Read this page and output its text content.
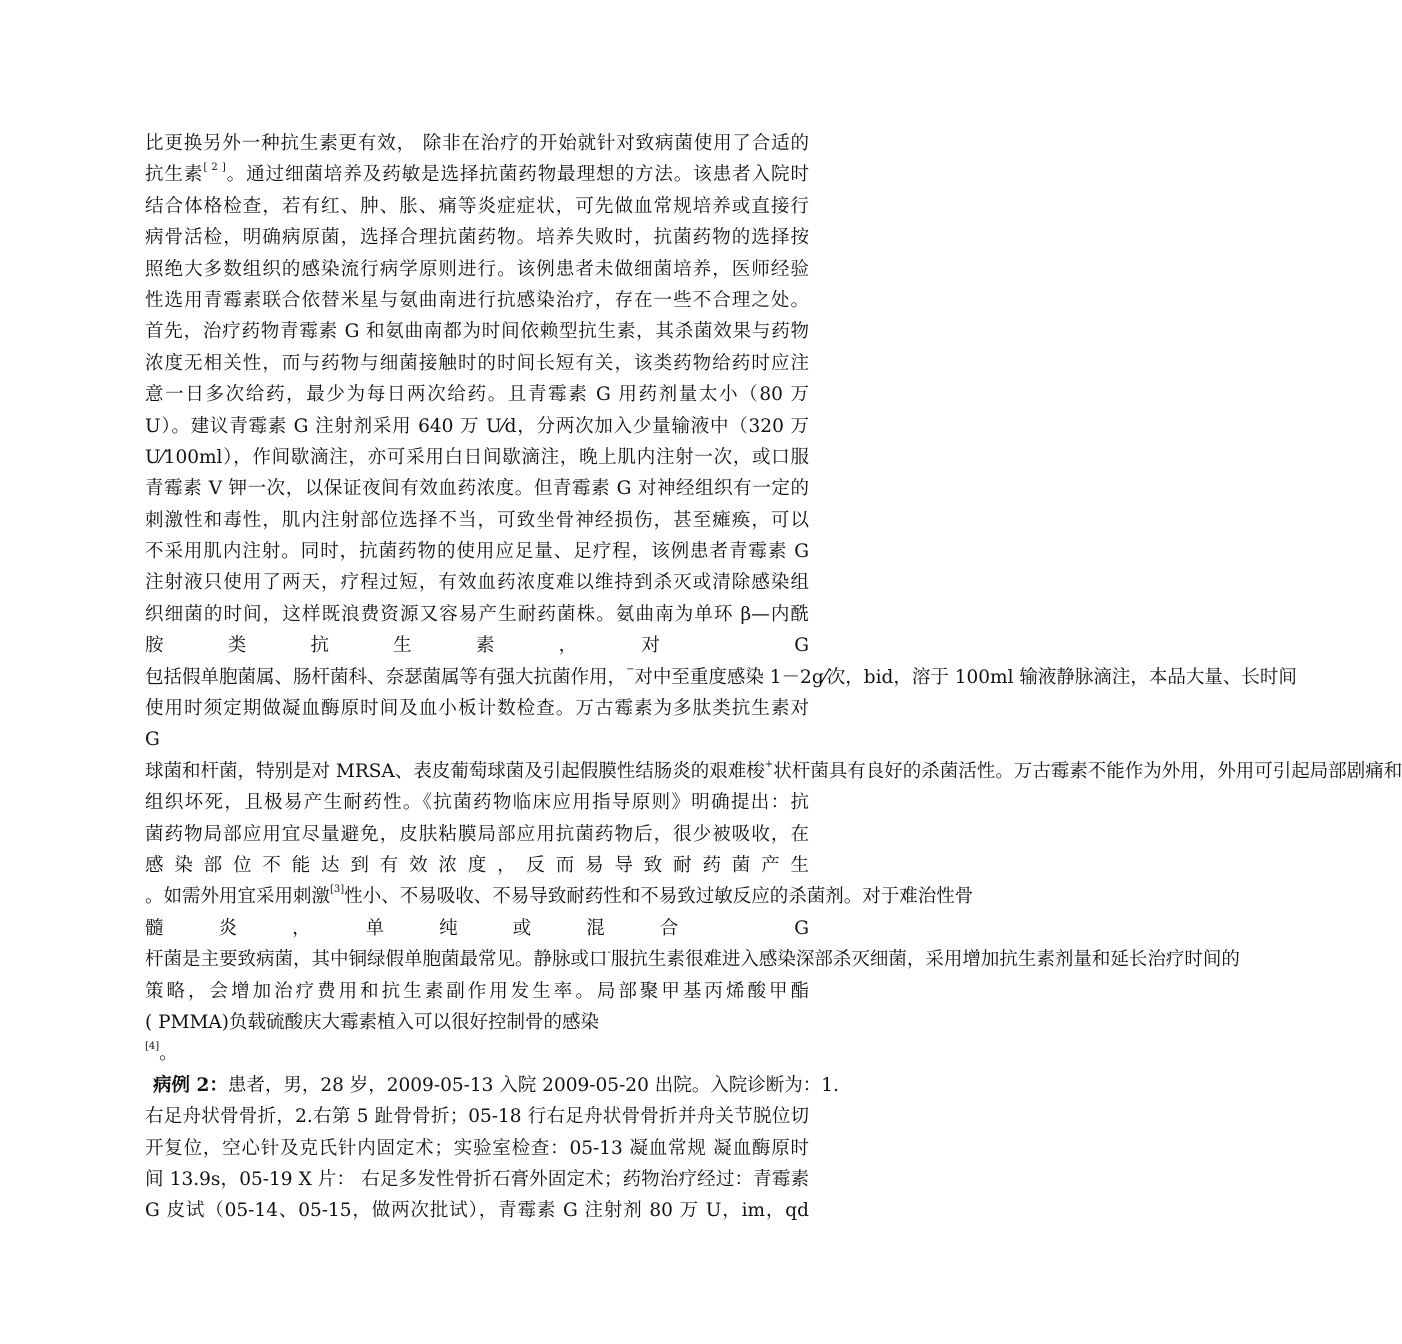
比更换另外一种抗生素更有效， 除非在治疗的开始就针对致病菌使用了合适的
抗生素[ 2 ]。通过细菌培养及药敏是选择抗菌药物最理想的方法。该患者入院时
结合体格检查，若有红、肿、胀、痛等炎症症状，可先做血常规培养或直接行
病骨活检，明确病原菌，选择合理抗菌药物。培养失败时，抗菌药物的选择按
照绝大多数组织的感染流行病学原则进行。该例患者未做细菌培养，医师经验
性选用青霉素联合依替米星与氨曲南进行抗感染治疗，存在一些不合理之处。
首先，治疗药物青霉素 G 和氨曲南都为时间依赖型抗生素，其杀菌效果与药物
浓度无相关性，而与药物与细菌接触时的时间长短有关，该类药物给药时应注
意一日多次给药，最少为每日两次给药。且青霉素 G 用药剂量太小（80 万
U）。建议青霉素 G 注射剂采用 640 万 U⁄d，分两次加入少量输液中（320 万
U⁄100ml），作间歇滴注，亦可采用白日间歇滴注，晚上肌内注射一次，或口服
青霉素 V 钾一次，以保证夜间有效血药浓度。但青霉素 G 对神经组织有一定的
刺激性和毒性，肌内注射部位选择不当，可致坐骨神经损伤，甚至瘫痪，可以
不采用肌内注射。同时，抗菌药物的使用应足量、足疗程，该例患者青霉素 G
注射液只使用了两天，疗程过短，有效血药浓度难以维持到杀灭或清除感染组
织细菌的时间，这样既浪费资源又容易产生耐药菌株。氨曲南为单环 β—内酰
胺类抗生素，对 G
包括假单胞菌属、肠杆菌科、奈瑟菌属等有强大抗菌作用，−对中至重度感染 1－2g⁄次，bid，溶于 100ml 输液静脉滴注，本品大量、长时间
使用时须定期做凝血酶原时间及血小板计数检查。万古霉素为多肽类抗生素对
G
球菌和杆菌，特别是对 MRSA、表皮葡萄球菌及引起假膜性结肠炎的艰难梭+状杆菌具有良好的杀菌活性。万古霉素不能作为外用，外用可引起局部剧痛和
组织坏死，且极易产生耐药性。《抗菌药物临床应用指导原则》明确提出：抗
菌药物局部应用宜尽量避免，皮肤粘膜局部应用抗菌药物后，很少被吸收，在
感染部位不能达到有效浓度，反而易导致耐药菌产生
。如需外用宜采用刺激[3]性小、不易吸收、不易导致耐药性和不易致过敏反应的杀菌剂。对于难治性骨
髓炎，单纯或混合 G
杆菌是主要致病菌，其中铜绿假单胞菌最常见。静脉或口-服抗生素很难进入感染深部杀灭细菌，采用增加抗生素剂量和延长治疗时间的
策略，会增加治疗费用和抗生素副作用发生率。局部聚甲基丙烯酸甲酯
( PMMA)负载硫酸庆大霉素植入可以很好控制骨的感染
[4]。
病例 2：患者，男，28 岁，2009-05-13 入院 2009-05-20 出院。入院诊断为：1.
右足舟状骨骨折，2.右第 5 趾骨骨折；05-18 行右足舟状骨骨折并舟关节脱位切
开复位，空心针及克氏针内固定术；实验室检查：05-13 凝血常规 凝血酶原时
间 13.9s，05-19 X 片： 右足多发性骨折石膏外固定术；药物治疗经过：青霉素
G 皮试（05-14、05-15，做两次批试），青霉素 G 注射剂 80 万 U，im，qd
